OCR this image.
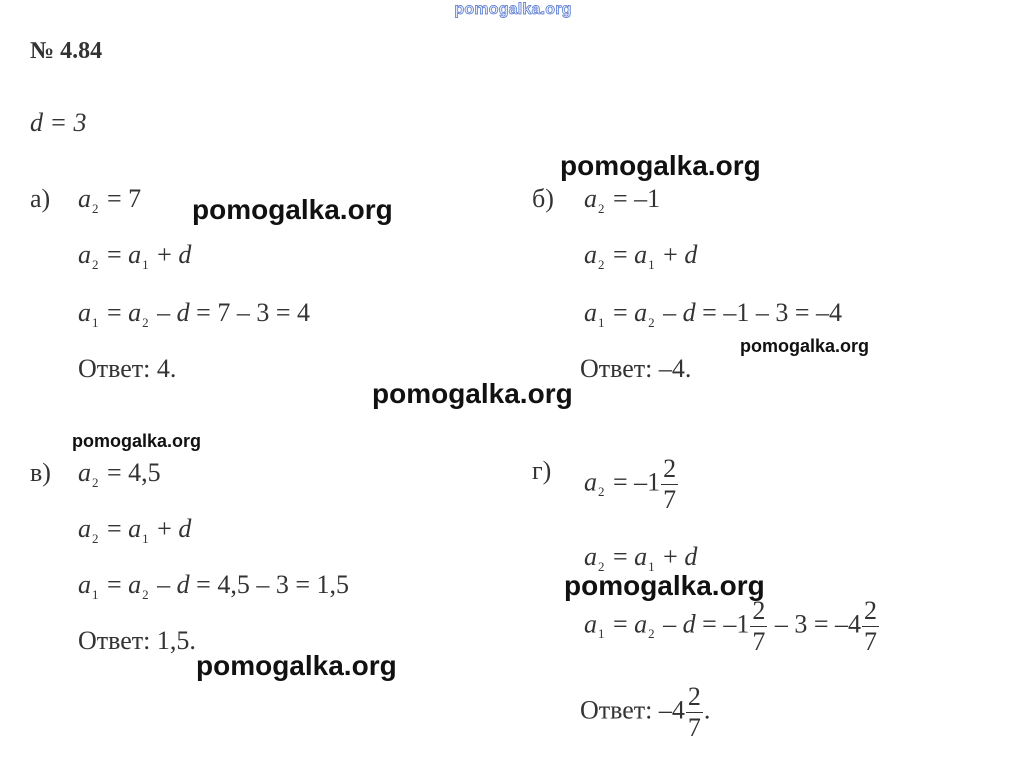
pomogalka.org
№ 4.84
d = 3
а) $a_2 = 7$
$a_2 = a_1 + d$
$a_1 = a_2 - d = 7 - 3 = 4$
Ответ: 4.
б) $a_2 = -1$
$a_2 = a_1 + d$
$a_1 = a_2 - d = -1 - 3 = -4$
Ответ: –4.
в) $a_2 = 4,5$
$a_2 = a_1 + d$
$a_1 = a_2 - d = 4,5 - 3 = 1,5$
Ответ: 1,5.
г) $a_2 = -1 \frac{2}{7}$
$a_2 = a_1 + d$
$a_1 = a_2 - d = -1 \frac{2}{7} - 3 = -4 \frac{2}{7}$
Ответ: $-4 \frac{2}{7}$ .
pomogalka.org
pomogalka.org
pomogalka.org
pomogalka.org
pomogalka.org
pomogalka.org
pomogalka.org
